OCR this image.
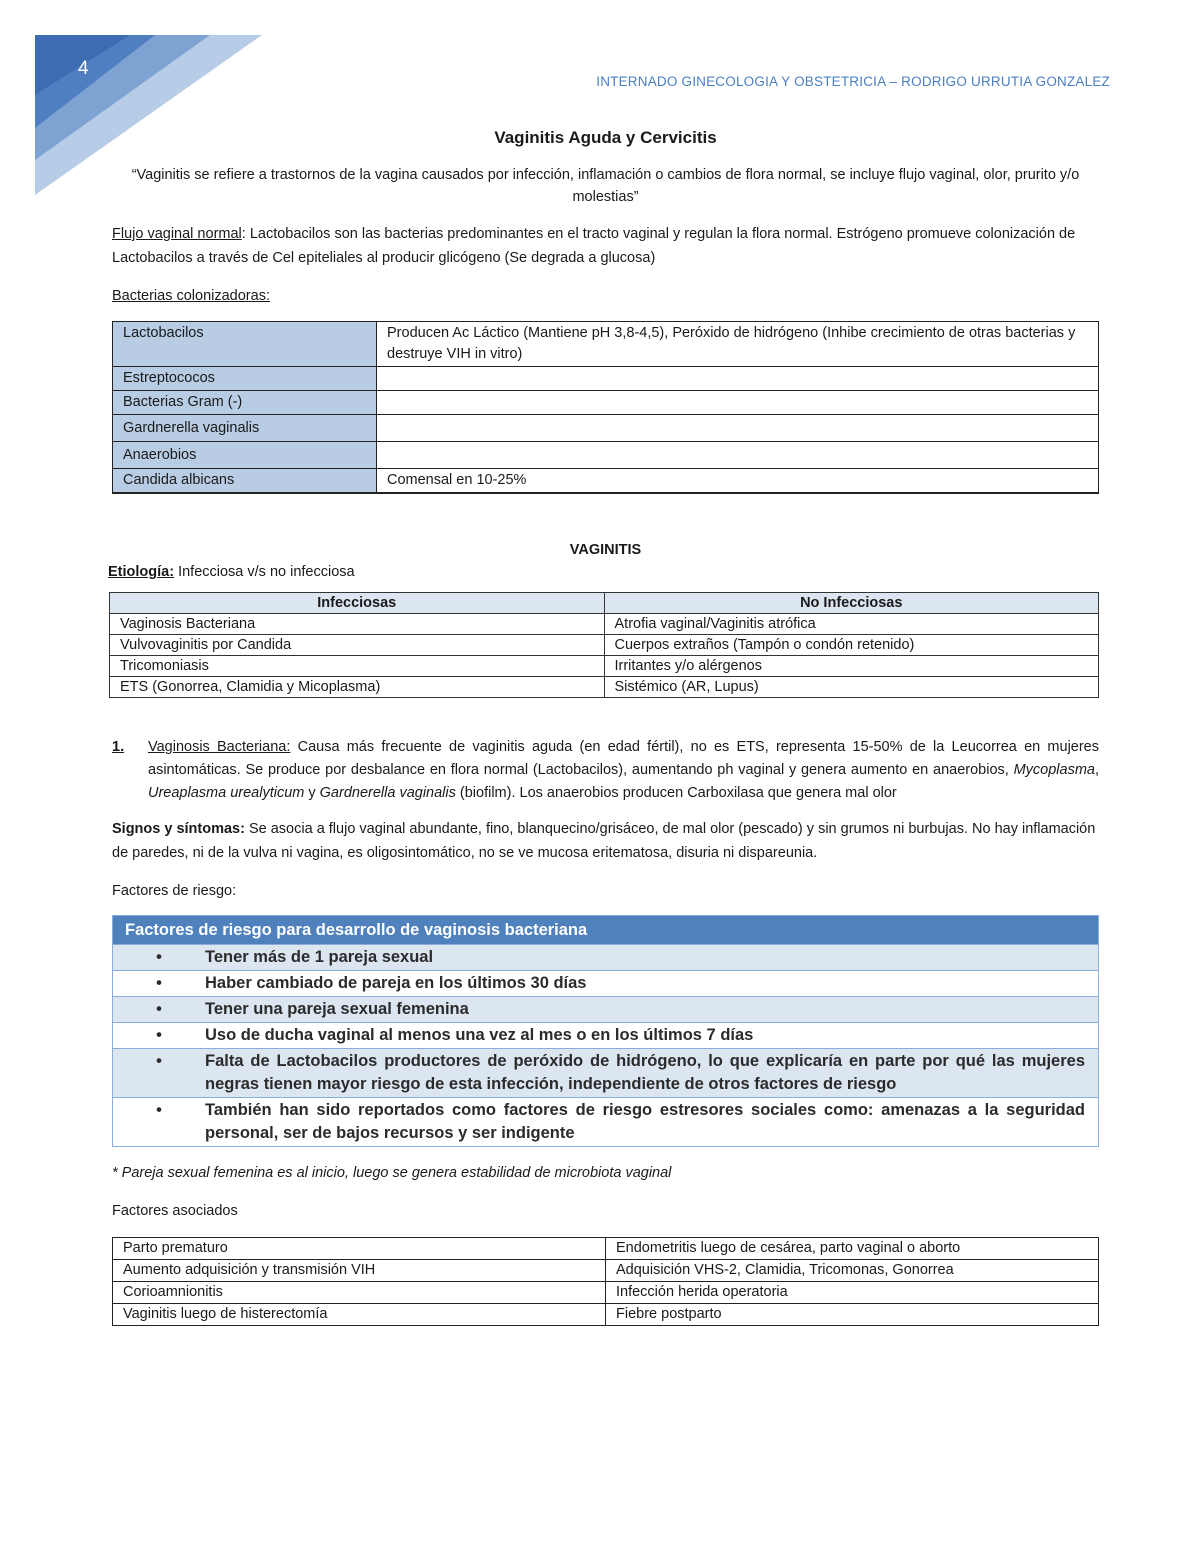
4
INTERNADO GINECOLOGIA Y OBSTETRICIA – RODRIGO URRUTIA GONZALEZ
Vaginitis Aguda y Cervicitis
“Vaginitis se refiere a trastornos de la vagina causados por infección, inflamación o cambios de flora normal, se incluye flujo vaginal, olor, prurito y/o molestias”

Flujo vaginal normal: Lactobacilos son las bacterias predominantes en el tracto vaginal y regulan la flora normal. Estrógeno promueve colonización de Lactobacilos a través de Cel epiteliales al producir glicógeno (Se degrada a glucosa)

Bacterias colonizadoras:

Lactobacilos	Producen Ac Láctico (Mantiene pH 3,8-4,5), Peróxido de hidrógeno (Inhibe crecimiento de otras bacterias y destruye VIH in vitro)
Estreptococos	
Bacterias Gram (-)	
Gardnerella vaginalis	
Anaerobios	
Candida albicans	Comensal en 10-25%

VAGINITIS

Etiología: Infecciosa v/s no infecciosa

Infecciosas	No Infecciosas
Vaginosis Bacteriana	Atrofia vaginal/Vaginitis atrófica
Vulvovaginitis por Candida	Cuerpos extraños (Tampón o condón retenido)
Tricomoniasis	Irritantes y/o alérgenos
ETS (Gonorrea, Clamidia y Micoplasma)	Sistémico (AR, Lupus)
1.	Vaginosis Bacteriana: Causa más frecuente de vaginitis aguda (en edad fértil), no es ETS, representa 15-50% de la Leucorrea en mujeres asintomáticas. Se produce por desbalance en flora normal (Lactobacilos), aumentando ph vaginal y genera aumento en anaerobios, Mycoplasma, Ureaplasma urealyticum y Gardnerella vaginalis (biofilm). Los anaerobios producen Carboxilasa que genera mal olor

Signos y síntomas: Se asocia a flujo vaginal abundante, fino, blanquecino/grisáceo, de mal olor (pescado) y sin grumos ni burbujas. No hay inflamación de paredes, ni de la vulva ni vagina, es oligosintomático, no se ve mucosa eritematosa, disuria ni dispareunia.

Factores de riesgo:

Factores de riesgo para desarrollo de vaginosis bacteriana
•	Tener más de 1 pareja sexual
•	Haber cambiado de pareja en los últimos 30 días
•	Tener una pareja sexual femenina
•	Uso de ducha vaginal al menos una vez al mes o en los últimos 7 días
•	Falta de Lactobacilos productores de peróxido de hidrógeno, lo que explicaría en parte por qué las mujeres negras tienen mayor riesgo de esta infección, independiente de otros factores de riesgo
•	También han sido reportados como factores de riesgo estresores sociales como: amenazas a la seguridad personal, ser de bajos recursos y ser indigente

* Pareja sexual femenina es al inicio, luego se genera estabilidad de microbiota vaginal

Factores asociados

Parto prematuro	Endometritis luego de cesárea, parto vaginal o aborto
Aumento adquisición y transmisión VIH	Adquisición VHS-2, Clamidia, Tricomonas, Gonorrea
Corioamnionitis	Infección herida operatoria
Vaginitis luego de histerectomía	Fiebre postparto
